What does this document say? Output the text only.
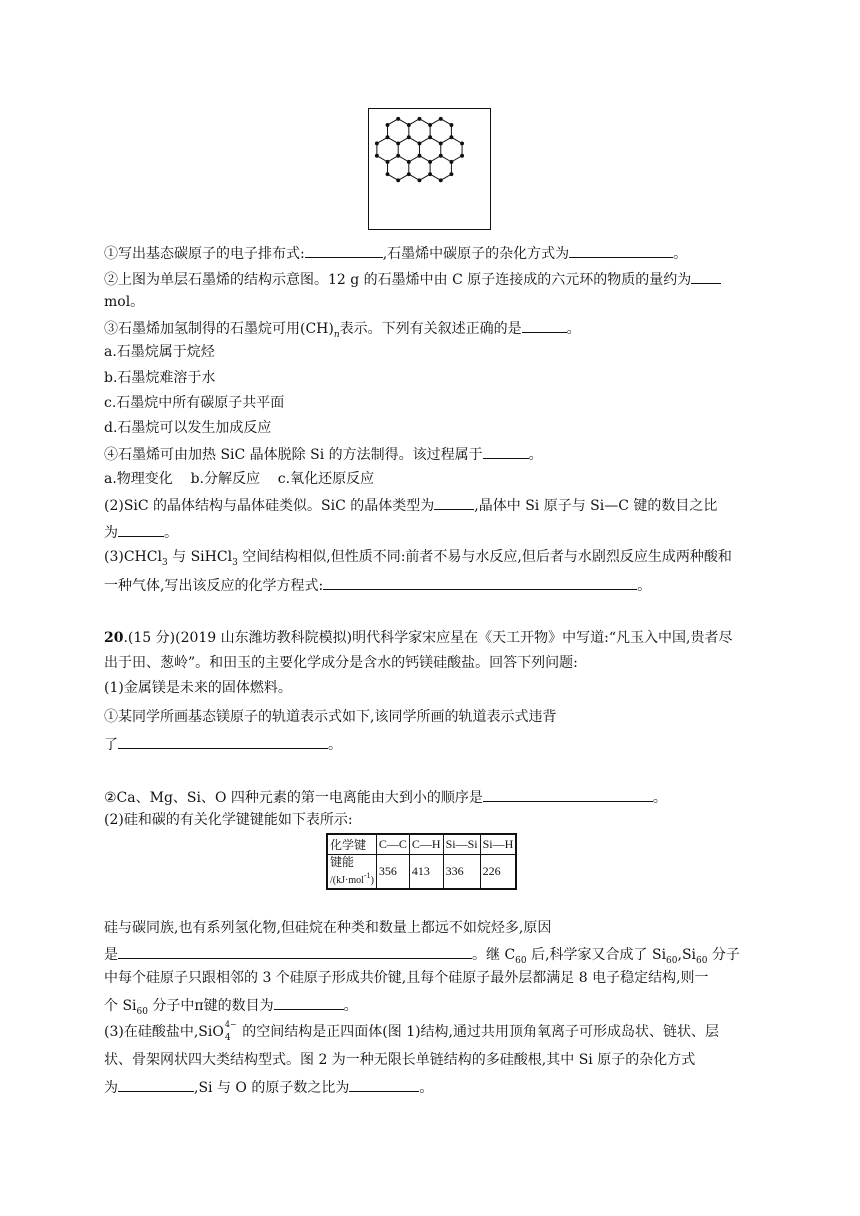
①写出基态碳原子的电子排布式:	,石墨烯中碳原子的杂化方式为	。
②上图为单层石墨烯的结构示意图。12 g 的石墨烯中由 C 原子连接成的六元环的物质的量约为
mol。
③石墨烯加氢制得的石墨烷可用$(CH)_n$表示。下列有关叙述正确的是	。
a.石墨烷属于烷烃
b.石墨烷难溶于水
c.石墨烷中所有碳原子共平面
d.石墨烷可以发生加成反应
④石墨烯可由加热 SiC 晶体脱除 Si 的方法制得。该过程属于	。
a.物理变化    b.分解反应    c.氧化还原反应
(2)SiC 的晶体结构与晶体硅类似。SiC 的晶体类型为	,晶体中 Si 原子与 Si—C 键的数目之比
为	。
(3)CHCl$_3$ 与 SiHCl$_3$ 空间结构相似,但性质不同:前者不易与水反应,但后者与水剧烈反应生成两种酸和
一种气体,写出该反应的化学方程式:	。
20.(15 分)(2019 山东潍坊教科院模拟)明代科学家宋应星在《天工开物》中写道:“凡玉入中国,贵者尽
出于田、葱岭”。和田玉的主要化学成分是含水的钙镁硅酸盐。回答下列问题:
(1)金属镁是未来的固体燃料。
①某同学所画基态镁原子的轨道表示式如下,该同学所画的轨道表示式违背
了	。
②Ca、Mg、Si、O 四种元素的第一电离能由大到小的顺序是	。
(2)硅和碳的有关化学键键能如下表所示:
化学键	C—C	C—H	Si—Si	Si—H
键能
/(kJ·mol$^{-1}$)	356	413	336	226
硅与碳同族,也有系列氢化物,但硅烷在种类和数量上都远不如烷烃多,原因
是	。继 $C_{60}$ 后,科学家又合成了 $Si_{60},Si_{60}$ 分子
中每个硅原子只跟相邻的 3 个硅原子形成共价键,且每个硅原子最外层都满足 8 电子稳定结构,则一
个 $Si_{60}$ 分子中π键的数目为	。
(3)在硅酸盐中,SiO 4−
4 的空间结构是正四面体(图 1)结构,通过共用顶角氧离子可形成岛状、链状、层
状、骨架网状四大类结构型式。图 2 为一种无限长单链结构的多硅酸根,其中 Si 原子的杂化方式
为	,Si 与 O 的原子数之比为	。
